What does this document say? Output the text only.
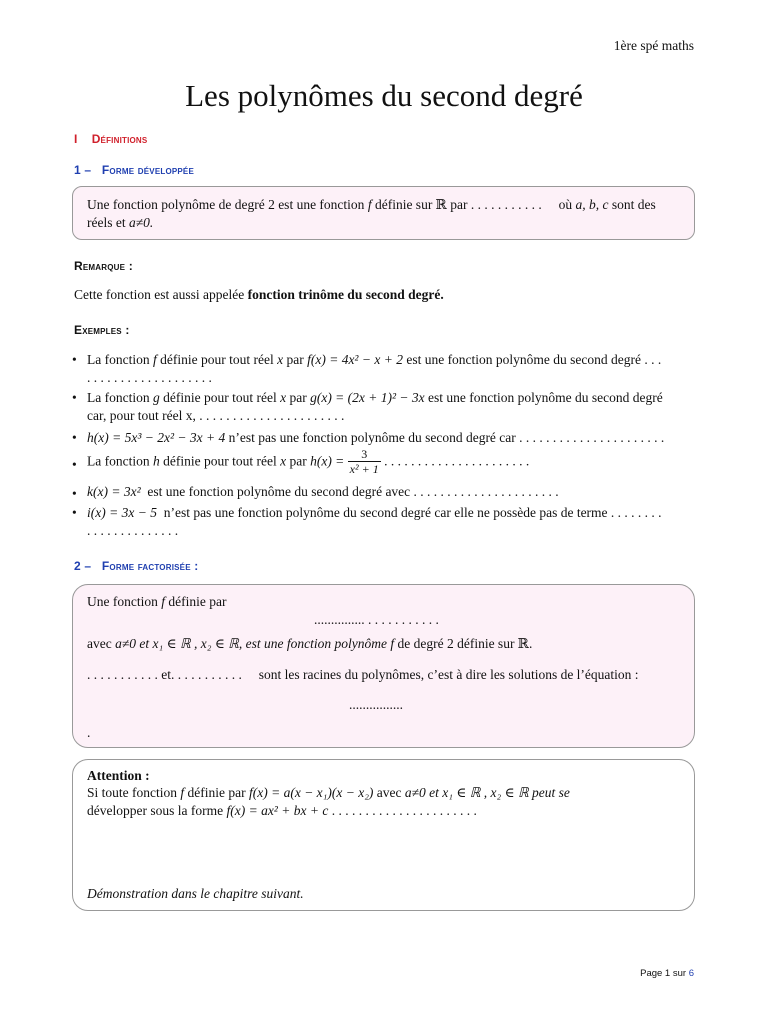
1ère spé maths
Les polynômes du second degré
I Définitions
1 – Forme développée
Une fonction polynôme de degré 2 est une fonction f définie sur ℝ par . . . . . . . . . . . où a, b, c sont des
réels et a≠0.
Remarque :
Cette fonction est aussi appelée fonction trinôme du second degré.
Exemples :
• La fonction f définie pour tout réel x par f(x) = 4x² − x + 2 est une fonction polynôme du second degré . . .
. . . . . . . . . . . . . . . . . . .
• La fonction g définie pour tout réel x par g(x) = (2x + 1)² − 3x est une fonction polynôme du second degré
car, pour tout réel x, . . . . . . . . . . . . . . . . . . . . . .
• h(x) = 5x³ − 2x² − 3x + 4 n’est pas une fonction polynôme du second degré car . . . . . . . . . . . . . . . . . . . . . .
• La fonction h définie pour tout réel x par $h(x) = \frac{3}{\text{x² + 1}}$ . . . . . . . . . . . . . . . . . . . . . .
• k(x) = 3x² est une fonction polynôme du second degré avec . . . . . . . . . . . . . . . . . . . . . .
• i(x) = 3x − 5 n’est pas une fonction polynôme du second degré car elle ne possède pas de terme . . . . . . . .
. . . . . . . . . . . . . .
2 – Forme factorisée :
Une fonction f définie par
............... . . . . . . . . . . .
avec a≠0 et x₁ ∈ ℝ , x₂ ∈ ℝ, est une fonction polynôme f de degré 2 définie sur ℝ.
. . . . . . . . . . . et. . . . . . . . . . . sont les racines du polynômes, c’est à dire les solutions de l’équation :
................
.
Attention :
Si toute fonction f définie par f(x) = a(x − x₁)(x − x₂) avec a≠0 et x₁ ∈ ℝ , x₂ ∈ ℝ peut se
développer sous la forme f(x) = ax² + bx + c . . . . . . . . . . . . . . . . . . . . . .
Démonstration dans le chapitre suivant.
Page 1 sur 6
